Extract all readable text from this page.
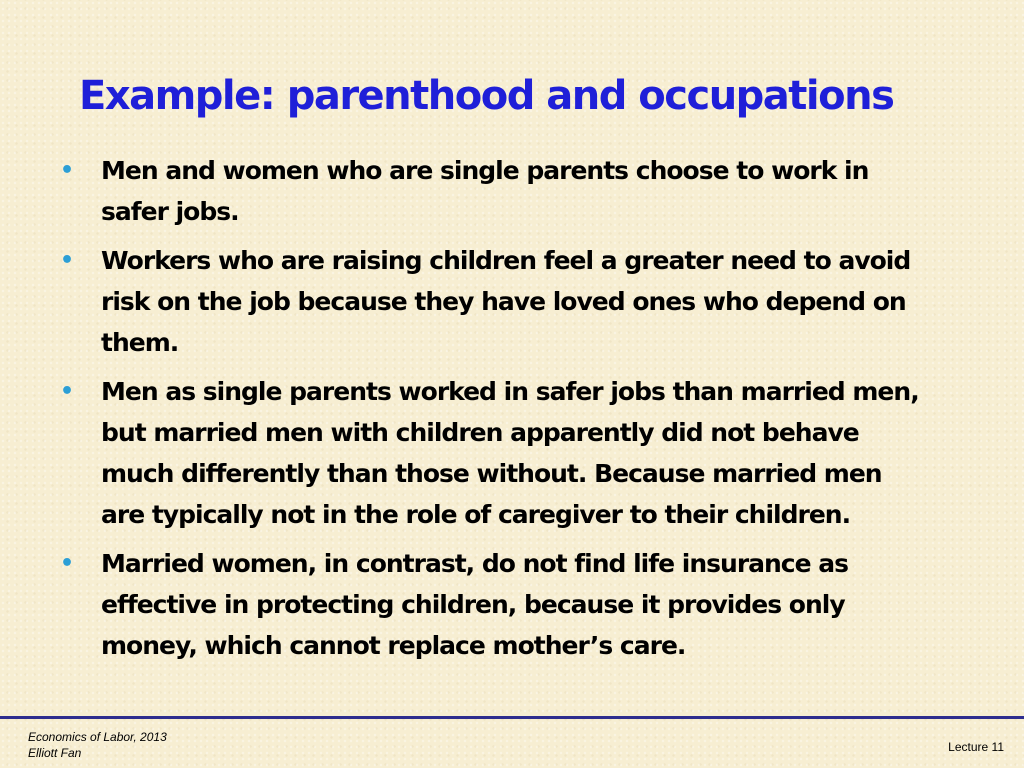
Example: parenthood and occupations
• Men and women who are single parents choose to work in safer jobs.
• Workers who are raising children feel a greater need to avoid risk on the job because they have loved ones who depend on them.
• Men as single parents worked in safer jobs than married men, but married men with children apparently did not behave much differently than those without. Because married men are typically not in the role of caregiver to their children.
• Married women, in contrast, do not find life insurance as effective in protecting children, because it provides only money, which cannot replace mother’s care.
Economics of Labor, 2013
Elliott Fan	Lecture 11
